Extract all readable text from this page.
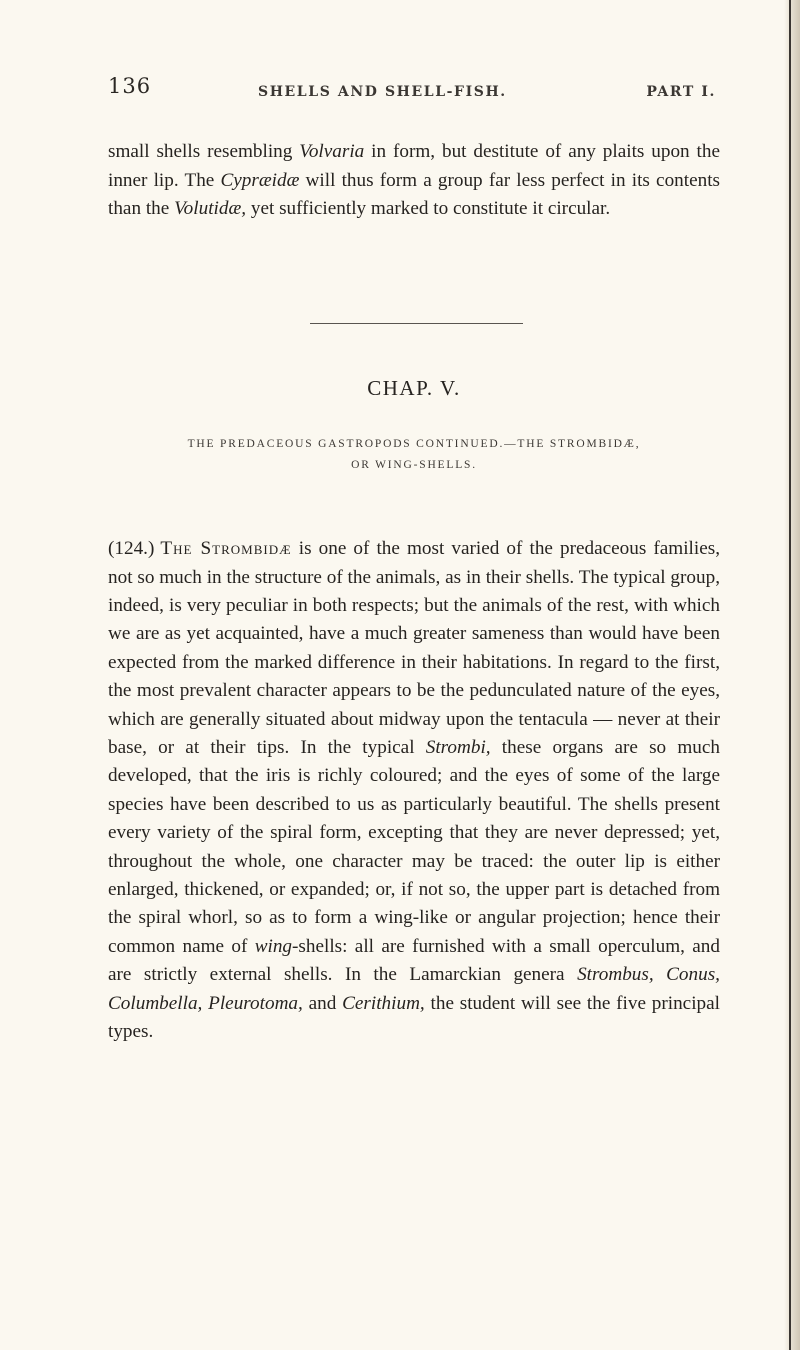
136	SHELLS AND SHELL-FISH.	PART I.

small shells resembling Volvaria in form, but destitute of any plaits upon the inner lip. The Cypræidæ will thus form a group far less perfect in its contents than the Volutidæ, yet sufficiently marked to constitute it circular.

CHAP. V.
THE PREDACEOUS GASTROPODS CONTINUED.—THE STROMBIDÆ,
OR WING-SHELLS.

(124.) The Strombidæ is one of the most varied of the predaceous families, not so much in the structure of the animals, as in their shells. The typical group, indeed, is very peculiar in both respects; but the animals of the rest, with which we are as yet acquainted, have a much greater sameness than would have been expected from the marked difference in their habitations. In regard to the first, the most prevalent character appears to be the pedunculated nature of the eyes, which are generally situated about midway upon the tentacula — never at their base, or at their tips. In the typical Strombi, these organs are so much developed, that the iris is richly coloured; and the eyes of some of the large species have been described to us as particularly beautiful. The shells present every variety of the spiral form, excepting that they are never depressed; yet, throughout the whole, one character may be traced: the outer lip is either enlarged, thickened, or expanded; or, if not so, the upper part is detached from the spiral whorl, so as to form a wing-like or angular projection; hence their common name of wing-shells: all are furnished with a small operculum, and are strictly external shells. In the Lamarckian genera Strombus, Conus, Columbella, Pleurotoma, and Cerithium, the student will see the five principal types.
